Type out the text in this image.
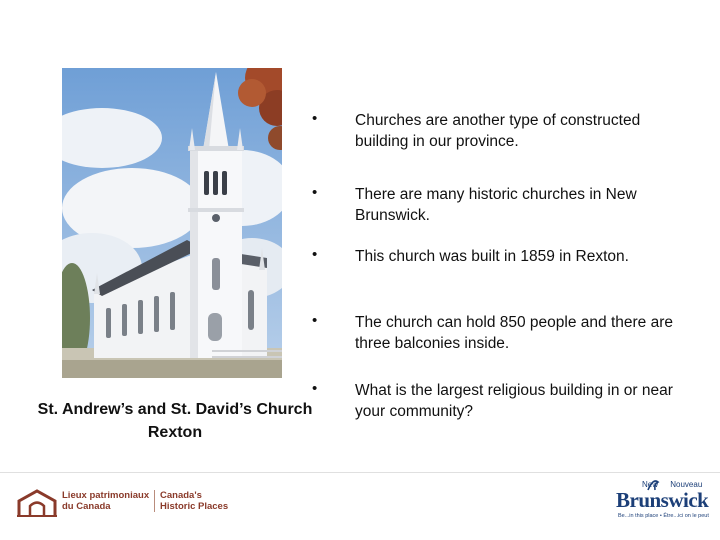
St. Andrew’s and St. David’s Church
Rexton
• Churches are another type of constructed building in our province.
• There are many historic churches in New Brunswick.
• This church was built in 1859 in Rexton.
• The church can hold 850 people and there are three balconies inside.
• What is the largest religious building in or near your community?
Lieux patrimoniaux
du Canada
Canada's
Historic Places
New Nouveau
Brunswick
Be...in this place • Être...ici on le peut
